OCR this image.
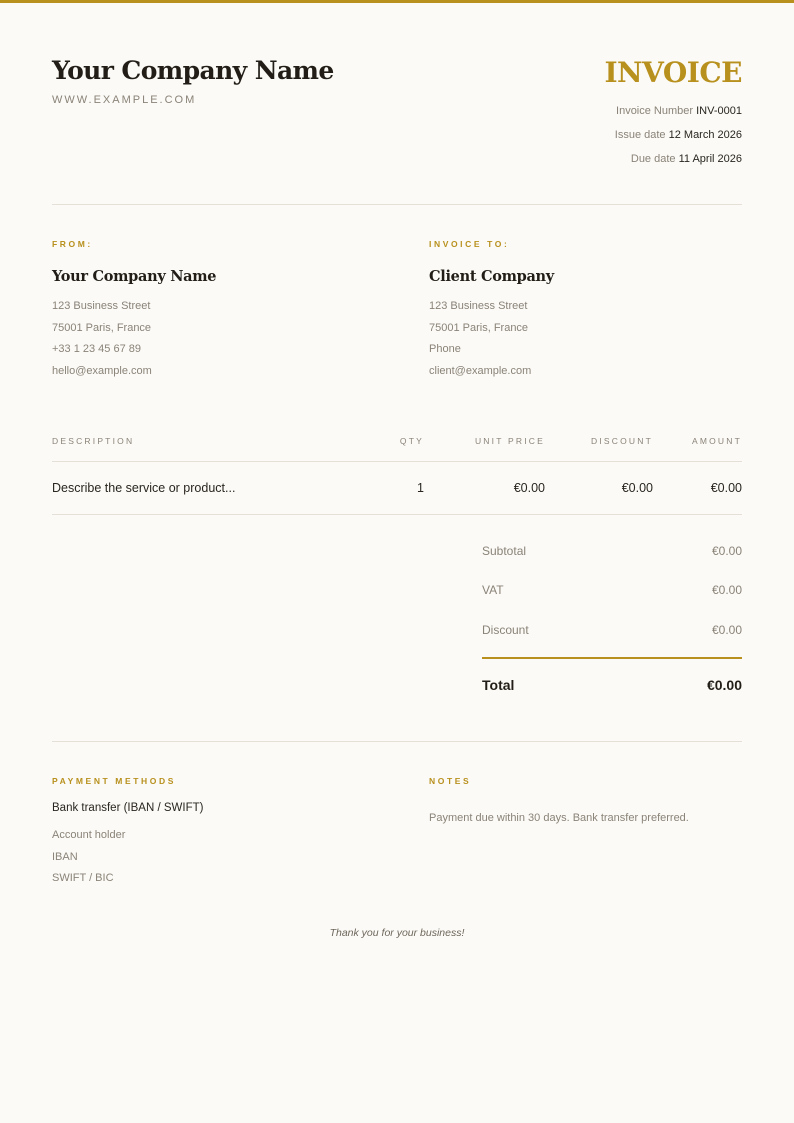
Your Company Name
WWW.EXAMPLE.COM
INVOICE
Invoice Number INV-0001
Issue date 12 March 2026
Due date 11 April 2026
FROM:
Your Company Name
123 Business Street
75001 Paris, France
+33 1 23 45 67 89
hello@example.com
INVOICE TO:
Client Company
123 Business Street
75001 Paris, France
Phone
client@example.com
DESCRIPTION	QTY	UNIT PRICE	DISCOUNT	AMOUNT
Describe the service or product...	1	€0.00	€0.00	€0.00
Subtotal	€0.00
VAT	€0.00
Discount	€0.00
Total	€0.00
PAYMENT METHODS
Bank transfer (IBAN / SWIFT)
Account holder
IBAN
SWIFT / BIC
NOTES
Payment due within 30 days. Bank transfer preferred.
Thank you for your business!
